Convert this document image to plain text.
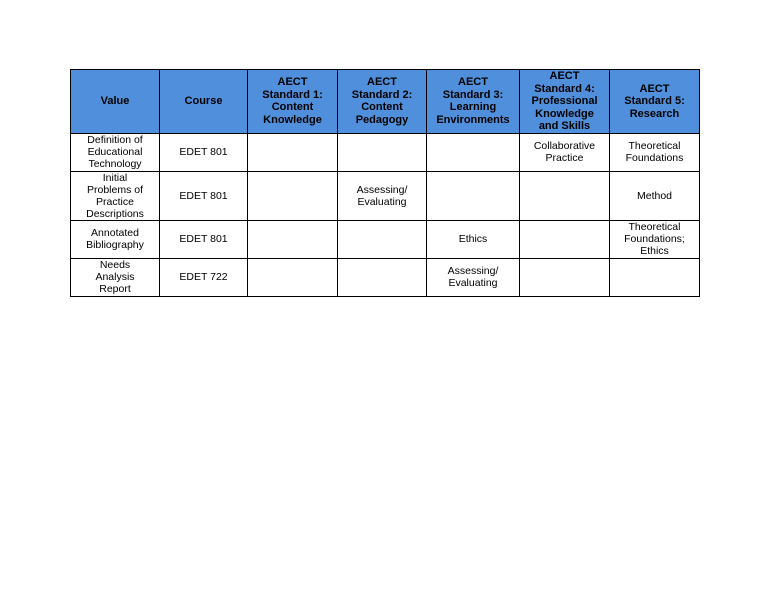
Value	Course	AECT
Standard 1:
Content
Knowledge	AECT
Standard 2:
Content
Pedagogy	AECT
Standard 3:
Learning
Environments	AECT
Standard 4:
Professional
Knowledge
and Skills	AECT
Standard 5:
Research
Definition of
Educational
Technology	EDET 801				Collaborative
Practice	Theoretical
Foundations
Initial
Problems of
Practice
Descriptions	EDET 801		Assessing/
Evaluating			Method
Annotated
Bibliography	EDET 801			Ethics		Theoretical
Foundations;
Ethics
Needs
Analysis
Report	EDET 722			Assessing/
Evaluating		
